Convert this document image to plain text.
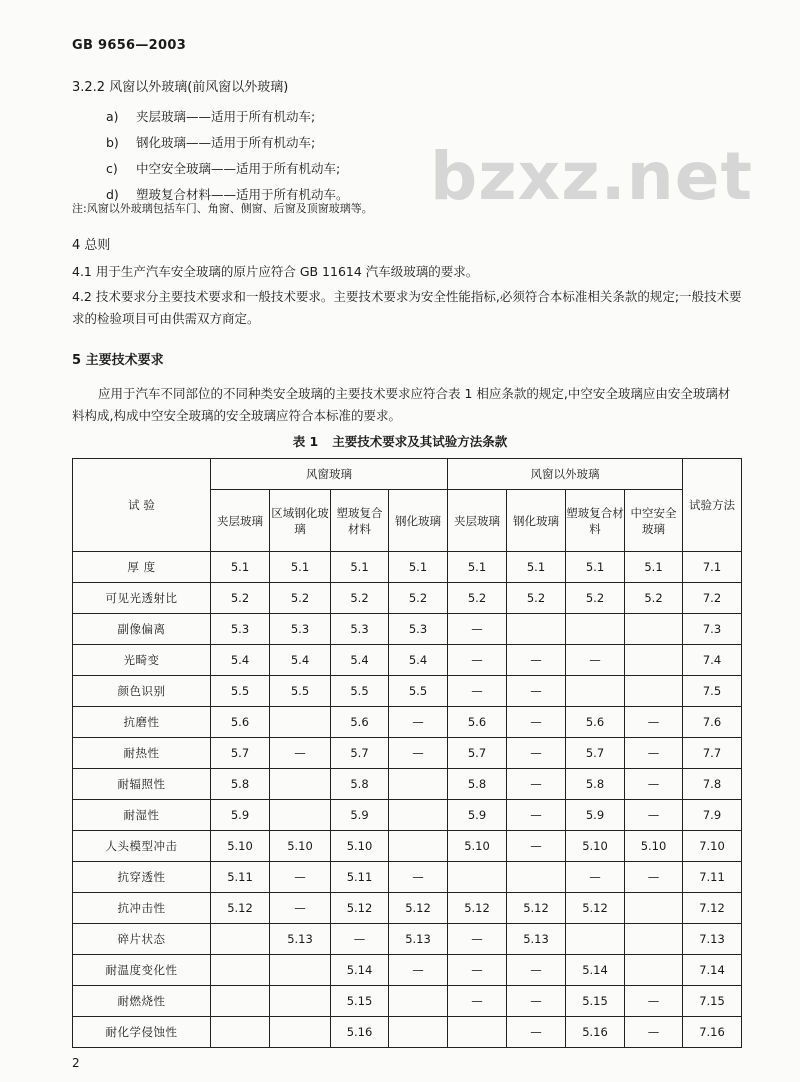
GB 9656—2003
bzxz.net
3.2.2 风窗以外玻璃(前风窗以外玻璃)
a) 夹层玻璃——适用于所有机动车;
b) 钢化玻璃——适用于所有机动车;
c) 中空安全玻璃——适用于所有机动车;
d) 塑玻复合材料——适用于所有机动车。
注:风窗以外玻璃包括车门、角窗、侧窗、后窗及顶窗玻璃等。
4 总则
4.1 用于生产汽车安全玻璃的原片应符合 GB 11614 汽车级玻璃的要求。
4.2 技术要求分主要技术要求和一般技术要求。主要技术要求为安全性能指标,必须符合本标准相关条款的规定;一般技术要求的检验项目可由供需双方商定。
5 主要技术要求
应用于汽车不同部位的不同种类安全玻璃的主要技术要求应符合表 1 相应条款的规定,中空安全玻璃应由安全玻璃材料构成,构成中空安全玻璃的安全玻璃应符合本标准的要求。
表 1 主要技术要求及其试验方法条款
试 验	风窗玻璃				风窗以外玻璃				试验方法
	夹层玻璃	区域钢化玻璃	塑玻复合材料	钢化玻璃	夹层玻璃	钢化玻璃	塑玻复合材料	中空安全玻璃	
厚 度	5.1	5.1	5.1	5.1	5.1	5.1	5.1	5.1	7.1
可见光透射比	5.2	5.2	5.2	5.2	5.2	5.2	5.2	5.2	7.2
副像偏离	5.3	5.3	5.3	5.3	—				7.3
光畸变	5.4	5.4	5.4	5.4	—	—	—		7.4
颜色识别	5.5	5.5	5.5	5.5	—	—			7.5
抗磨性	5.6		5.6	—	5.6	—	5.6	—	7.6
耐热性	5.7	—	5.7	—	5.7	—	5.7	—	7.7
耐辐照性	5.8		5.8		5.8	—	5.8	—	7.8
耐湿性	5.9		5.9		5.9	—	5.9	—	7.9
人头模型冲击	5.10	5.10	5.10		5.10	—	5.10	5.10	7.10
抗穿透性	5.11	—	5.11	—			—	—	7.11
抗冲击性	5.12	—	5.12	5.12	5.12	5.12	5.12		7.12
碎片状态		5.13	—	5.13	—	5.13			7.13
耐温度变化性			5.14	—	—	—	5.14		7.14
耐燃烧性			5.15		—	—	5.15	—	7.15
耐化学侵蚀性			5.16			—	5.16	—	7.16
2
